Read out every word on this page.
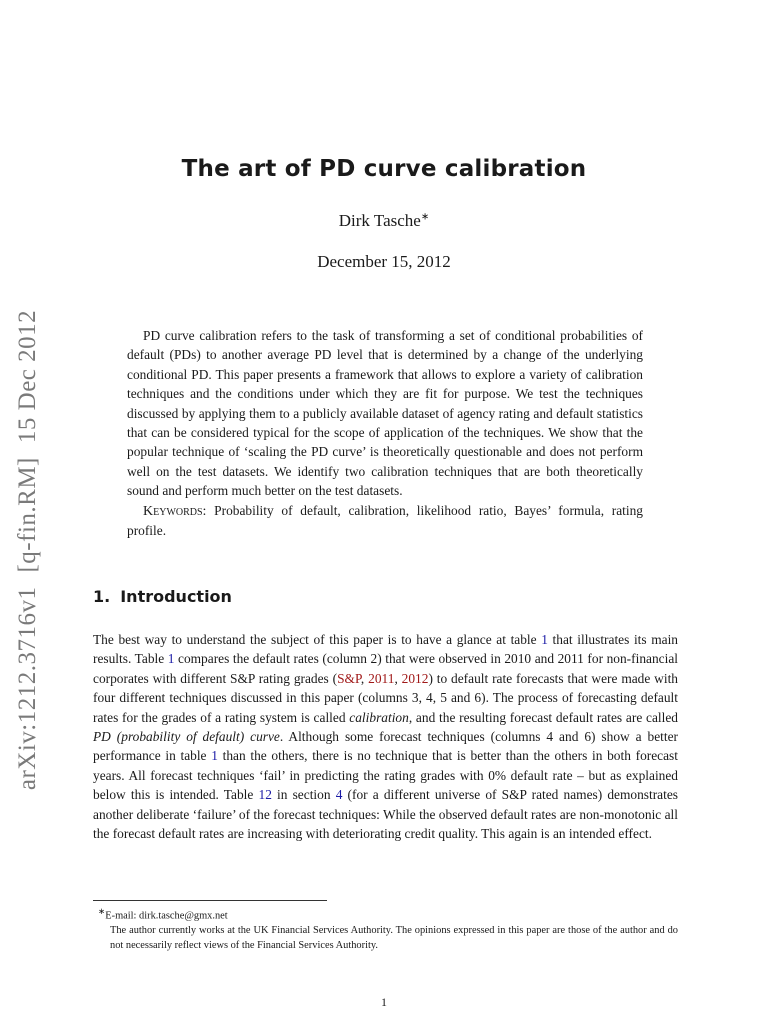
arXiv:1212.3716v1[q-fin.RM]15 Dec 2012
The art of PD curve calibration
Dirk Tasche∗
December 15, 2012

PD curve calibration refers to the task of transforming a set of conditional probabilities of default (PDs) to another average PD level that is determined by a change of the underlying conditional PD. This paper presents a framework that allows to explore a variety of calibration techniques and the conditions under which they are fit for purpose. We test the techniques discussed by applying them to a publicly available dataset of agency rating and default statistics that can be considered typical for the scope of application of the techniques. We show that the popular technique of ‘scaling the PD curve’ is theoretically questionable and does not perform well on the test datasets. We identify two calibration techniques that are both theoretically sound and perform much better on the test datasets.

Keywords: Probability of default, calibration, likelihood ratio, Bayes’ formula, rating profile.

1. Introduction

The best way to understand the subject of this paper is to have a glance at table 1 that illustrates its main results. Table 1 compares the default rates (column 2) that were observed in 2010 and 2011 for non-financial corporates with different S&P rating grades (S&P, 2011, 2012) to default rate forecasts that were made with four different techniques discussed in this paper (columns 3, 4, 5 and 6). The process of forecasting default rates for the grades of a rating system is called calibration, and the resulting forecast default rates are called PD (probability of default) curve. Although some forecast techniques (columns 4 and 6) show a better performance in table 1 than the others, there is no technique that is better than the others in both forecast years. All forecast techniques ‘fail’ in predicting the rating grades with 0% default rate – but as explained below this is intended. Table 12 in section 4 (for a different universe of S&P rated names) demonstrates another deliberate ‘failure’ of the forecast techniques: While the observed default rates are non-monotonic all the forecast default rates are increasing with deteriorating credit quality. This again is an intended effect.

∗E-mail: dirk.tasche@gmx.net

The author currently works at the UK Financial Services Authority. The opinions expressed in this paper are those of the author and do not necessarily reflect views of the Financial Services Authority.

1
